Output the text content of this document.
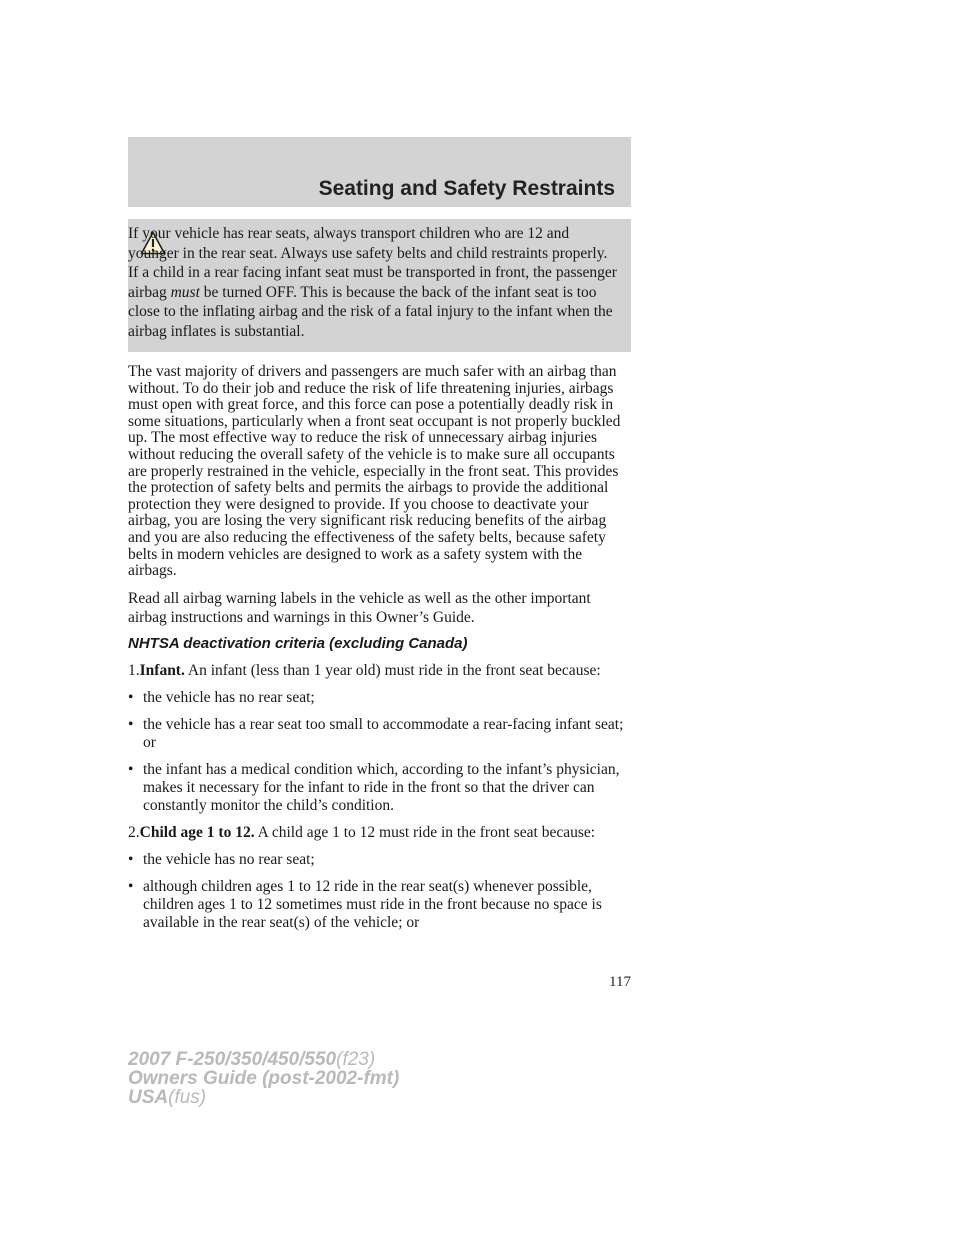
Seating and Safety Restraints

If your vehicle has rear seats, always transport children who are 12 and younger in the rear seat. Always use safety belts and child restraints properly. If a child in a rear facing infant seat must be transported in front, the passenger airbag must be turned OFF. This is because the back of the infant seat is too close to the inflating airbag and the risk of a fatal injury to the infant when the airbag inflates is substantial.

The vast majority of drivers and passengers are much safer with an airbag than without. To do their job and reduce the risk of life threatening injuries, airbags must open with great force, and this force can pose a potentially deadly risk in some situations, particularly when a front seat occupant is not properly buckled up. The most effective way to reduce the risk of unnecessary airbag injuries without reducing the overall safety of the vehicle is to make sure all occupants are properly restrained in the vehicle, especially in the front seat. This provides the protection of safety belts and permits the airbags to provide the additional protection they were designed to provide. If you choose to deactivate your airbag, you are losing the very significant risk reducing benefits of the airbag and you are also reducing the effectiveness of the safety belts, because safety belts in modern vehicles are designed to work as a safety system with the airbags.

Read all airbag warning labels in the vehicle as well as the other important airbag instructions and warnings in this Owner’s Guide.

NHTSA deactivation criteria (excluding Canada)

1.Infant. An infant (less than 1 year old) must ride in the front seat because:

• the vehicle has no rear seat;
• the vehicle has a rear seat too small to accommodate a rear-facing infant seat; or
• the infant has a medical condition which, according to the infant’s physician, makes it necessary for the infant to ride in the front so that the driver can constantly monitor the child’s condition.

2.Child age 1 to 12. A child age 1 to 12 must ride in the front seat because:

• the vehicle has no rear seat;
• although children ages 1 to 12 ride in the rear seat(s) whenever possible, children ages 1 to 12 sometimes must ride in the front because no space is available in the rear seat(s) of the vehicle; or
117
2007 F-250/350/450/550(f23)
Owners Guide (post-2002-fmt)
USA(fus)
